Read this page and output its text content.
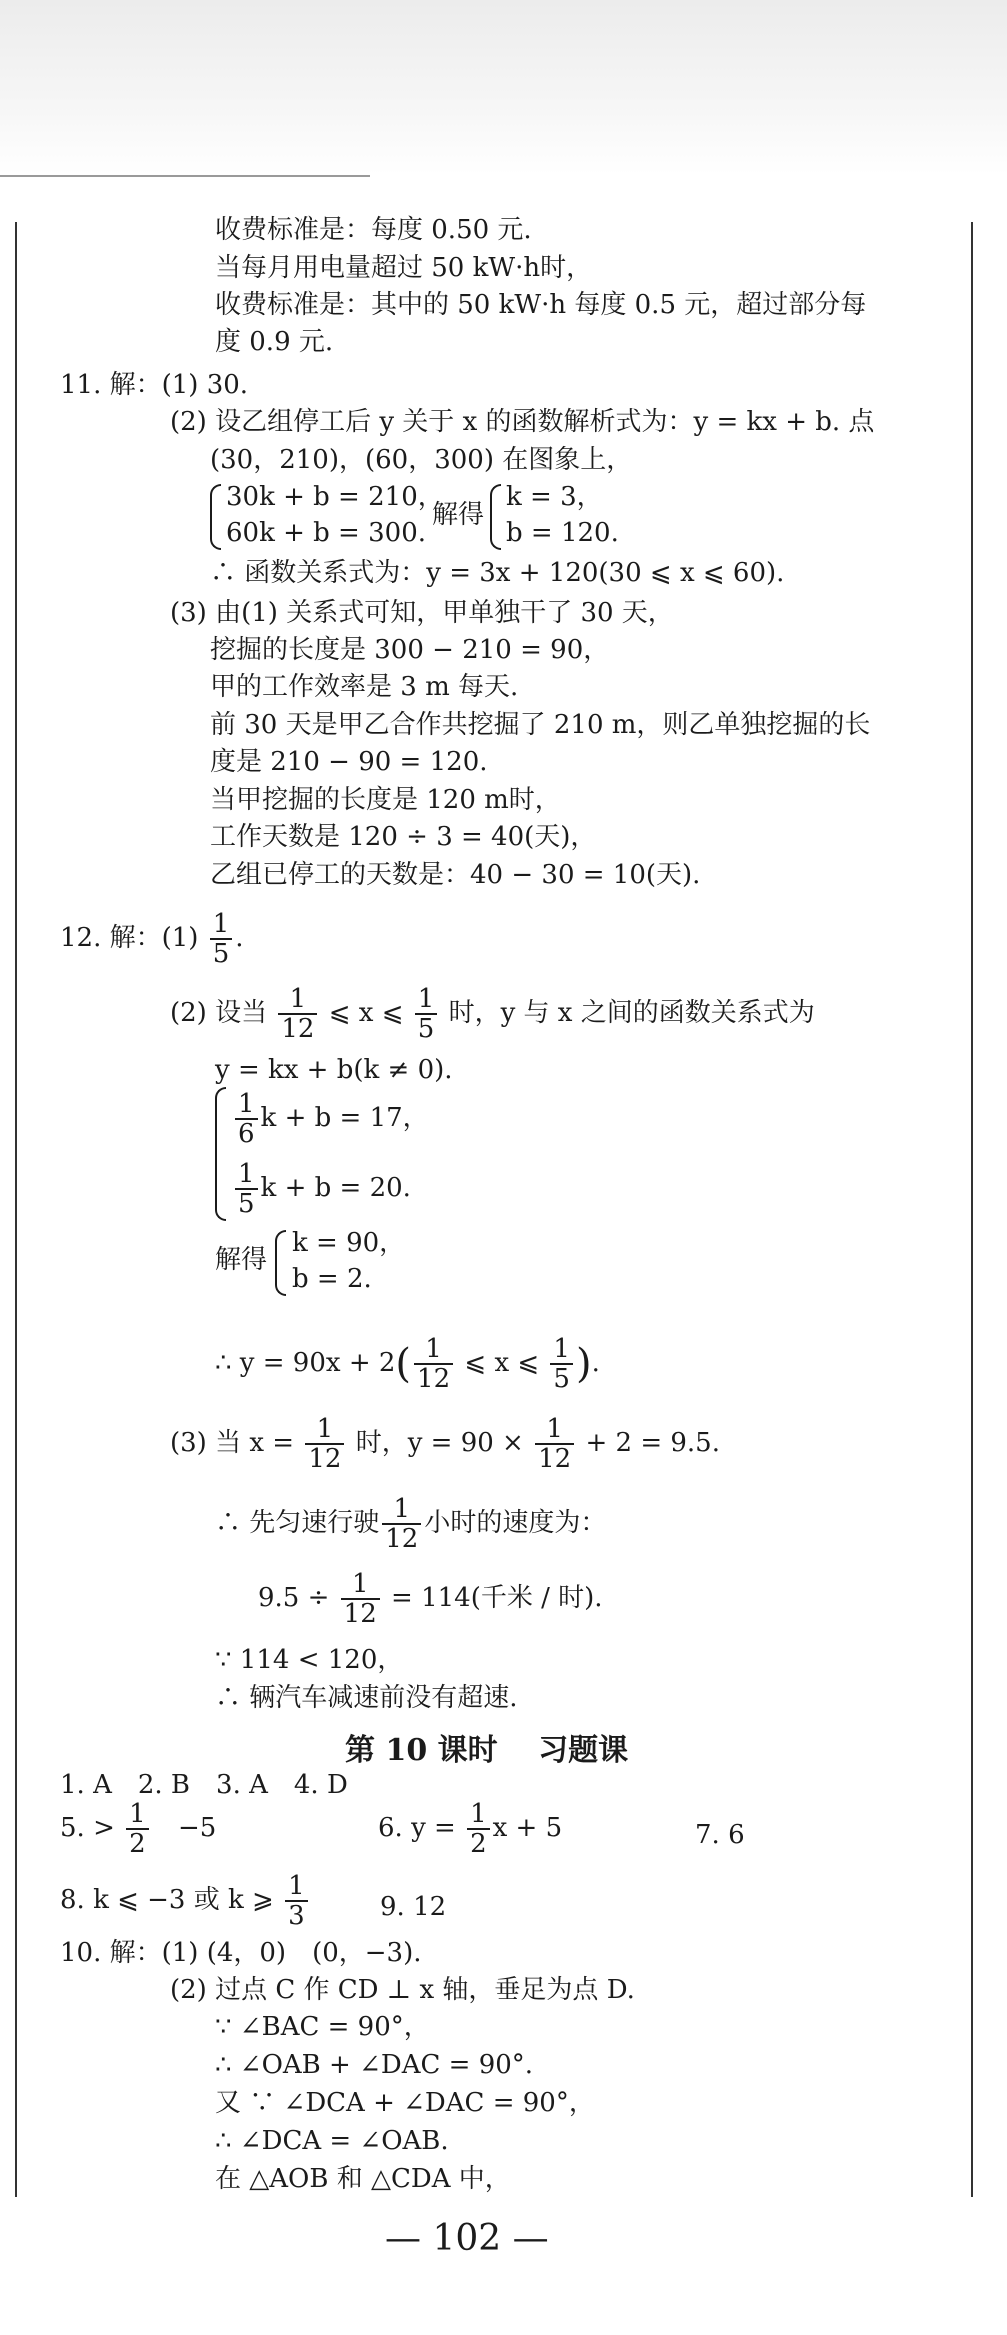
收费标准是：每度 0.50 元.
当每月用电量超过 50 kW·h时，
收费标准是：其中的 50 kW·h 每度 0.5 元，超过部分每
度 0.9 元.
11. 解：(1) 30.
(2) 设乙组停工后 y 关于 x 的函数解析式为：y = kx + b. 点
(30，210)，(60，300) 在图象上，
30k + b = 210，
60k + b = 300.
解得
k = 3，
b = 120.
∴ 函数关系式为：y = 3x + 120(30 ⩽ x ⩽ 60).
(3) 由(1) 关系式可知，甲单独干了 30 天，
挖掘的长度是 300 − 210 = 90，
甲的工作效率是 3 m 每天.
前 30 天是甲乙合作共挖掘了 210 m，则乙单独挖掘的长
度是 210 − 90 = 120.
当甲挖掘的长度是 120 m时，
工作天数是 120 ÷ 3 = 40(天)，
乙组已停工的天数是：40 − 30 = 10(天).
12. 解：$(1) \frac{1}{5}$ .
(2) 设当 $\frac{1}{12}$ ⩽ x ⩽ $\frac{1}{5}$ 时，y 与 x 之间的函数关系式为
y = kx + b(k ≠ 0).
$\frac{1}{6}$ k + b = 17，
$\frac{1}{5}$ k + b = 20.
解得
k = 90，
b = 2.
∴ $y = 90x + 2( \frac{1}{12}$ ⩽ x ⩽ $\frac{1}{5}$ ).
(3) 当 $x = \frac{1}{12}$ 时，$y = 90 \times \frac{1}{12} + 2 = 9.5$.
∴ 先匀速行驶 $\frac{1}{12}$ 小时的速度为：
$9.5 \div \frac{1}{12} = 114$(千米 / 时).
∵ 114 < 120，
∴ 辆汽车减速前没有超速.
第 10 课时　 习题课
1. A　2. B　3. A　4. D
5. > $\frac{1}{2} -5$	6. $y = \frac{1}{2}$ x + 5	7. 6
8. k ⩽ −3 或 k ⩾ $\frac{1}{3}$	9. 12
10. 解：(1) (4，0)　(0，−3).
(2) 过点 C 作 CD ⊥ x 轴，垂足为点 D.
∵ ∠BAC = 90°，
∴ ∠OAB + ∠DAC = 90°.
又 ∵ ∠DCA + ∠DAC = 90°，
∴ ∠DCA = ∠OAB.
在 △AOB 和 △CDA 中，
— 102 —
